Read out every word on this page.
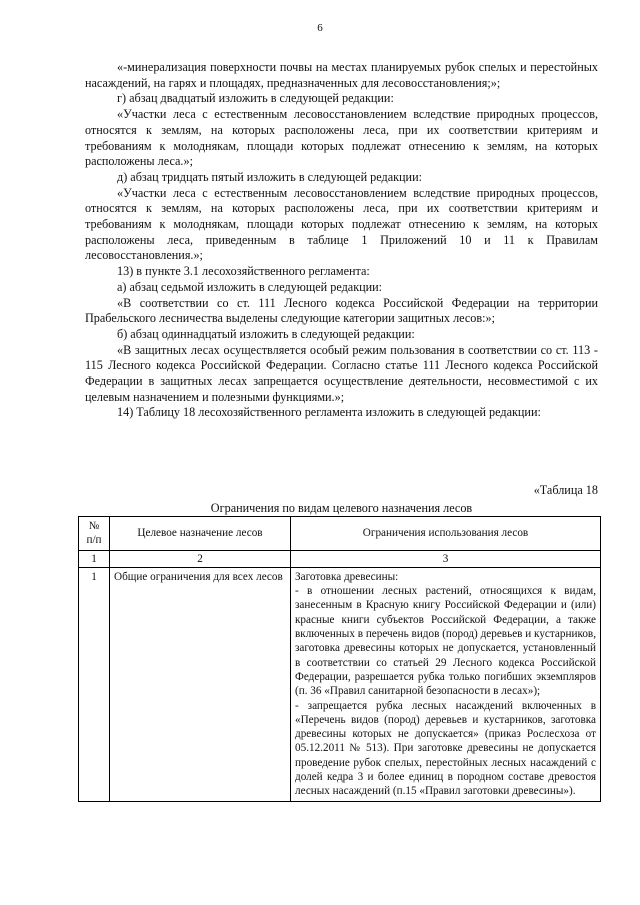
6

«-минерализация поверхности почвы на местах планируемых рубок спелых и перестойных насаждений, на гарях и площадях, предназначенных для лесовосстановления;»;

г) абзац двадцатый изложить в следующей редакции:

«Участки леса с естественным лесовосстановлением вследствие природных процессов, относятся к землям, на которых расположены леса, при их соответствии критериям и требованиям к молоднякам, площади которых подлежат отнесению к землям, на которых расположены леса.»;

д) абзац тридцать пятый изложить в следующей редакции:

«Участки леса с естественным лесовосстановлением вследствие природных процессов, относятся к землям, на которых расположены леса, при их соответствии критериям и требованиям к молоднякам, площади которых подлежат отнесению к землям, на которых расположены леса, приведенным в таблице 1 Приложений 10 и 11 к Правилам лесовосстановления.»;

13) в пункте 3.1 лесохозяйственного регламента:

а) абзац седьмой изложить в следующей редакции:

«В соответствии со ст. 111 Лесного кодекса Российской Федерации на территории Прабельского лесничества выделены следующие категории защитных лесов:»;

б) абзац одиннадцатый изложить в следующей редакции:

«В защитных лесах осуществляется особый режим пользования в соответствии со ст. 113 - 115 Лесного кодекса Российской Федерации. Согласно статье 111 Лесного кодекса Российской Федерации в защитных лесах запрещается осуществление деятельности, несовместимой с их целевым назначением и полезными функциями.»;

14) Таблицу 18 лесохозяйственного регламента изложить в следующей редакции:

«Таблица 18
Ограничения по видам целевого назначения лесов
№ п/п	Целевое назначение лесов	Ограничения использования лесов
1	2	3
1	Общие ограничения для всех лесов	Заготовка древесины:
- в отношении лесных растений, относящихся к видам, занесенным в Красную книгу Российской Федерации и (или) красные книги субъектов Российской Федерации, а также включенных в перечень видов (пород) деревьев и кустарников, заготовка древесины которых не допускается, установленный в соответствии со статьей 29 Лесного кодекса Российской Федерации, разрешается рубка только погибших экземпляров (п. 36 «Правил санитарной безопасности в лесах»);
- запрещается рубка лесных насаждений включенных в «Перечень видов (пород) деревьев и кустарников, заготовка древесины которых не допускается» (приказ Рослесхоза от 05.12.2011 № 513). При заготовке древесины не допускается проведение рубок спелых, перестойных лесных насаждений с долей кедра 3 и более единиц в породном составе древостоя лесных насаждений (п.15 «Правил заготовки древесины»).
